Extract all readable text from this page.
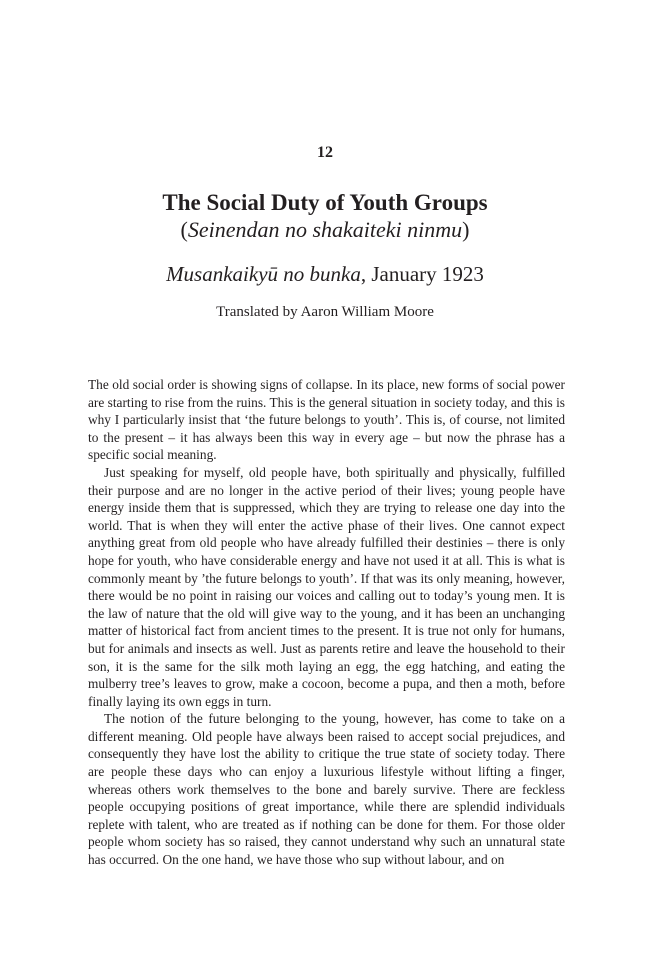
12
The Social Duty of Youth Groups
(Seinendan no shakaiteki ninmu)
Musankaikyū no bunka, January 1923
Translated by Aaron William Moore

The old social order is showing signs of collapse. In its place, new forms of social power are starting to rise from the ruins. This is the general situation in society today, and this is why I particularly insist that ‘the future belongs to youth’. This is, of course, not limited to the present – it has always been this way in every age – but now the phrase has a specific social meaning.

Just speaking for myself, old people have, both spiritually and physically, fulfilled their purpose and are no longer in the active period of their lives; young people have energy inside them that is suppressed, which they are trying to release one day into the world. That is when they will enter the active phase of their lives. One cannot expect anything great from old people who have already fulfilled their destinies – there is only hope for youth, who have considerable energy and have not used it at all. This is what is commonly meant by ’the future belongs to youth’. If that was its only meaning, however, there would be no point in raising our voices and calling out to today’s young men. It is the law of nature that the old will give way to the young, and it has been an unchanging matter of historical fact from ancient times to the present. It is true not only for humans, but for animals and insects as well. Just as parents retire and leave the household to their son, it is the same for the silk moth laying an egg, the egg hatching, and eating the mulberry tree’s leaves to grow, make a cocoon, become a pupa, and then a moth, before finally laying its own eggs in turn.

The notion of the future belonging to the young, however, has come to take on a different meaning. Old people have always been raised to accept social prejudices, and consequently they have lost the ability to critique the true state of society today. There are people these days who can enjoy a luxurious lifestyle without lifting a finger, whereas others work themselves to the bone and barely survive. There are feckless people occupying positions of great importance, while there are splendid individuals replete with talent, who are treated as if nothing can be done for them. For those older people whom society has so raised, they cannot understand why such an unnatural state has occurred. On the one hand, we have those who sup without labour, and on
